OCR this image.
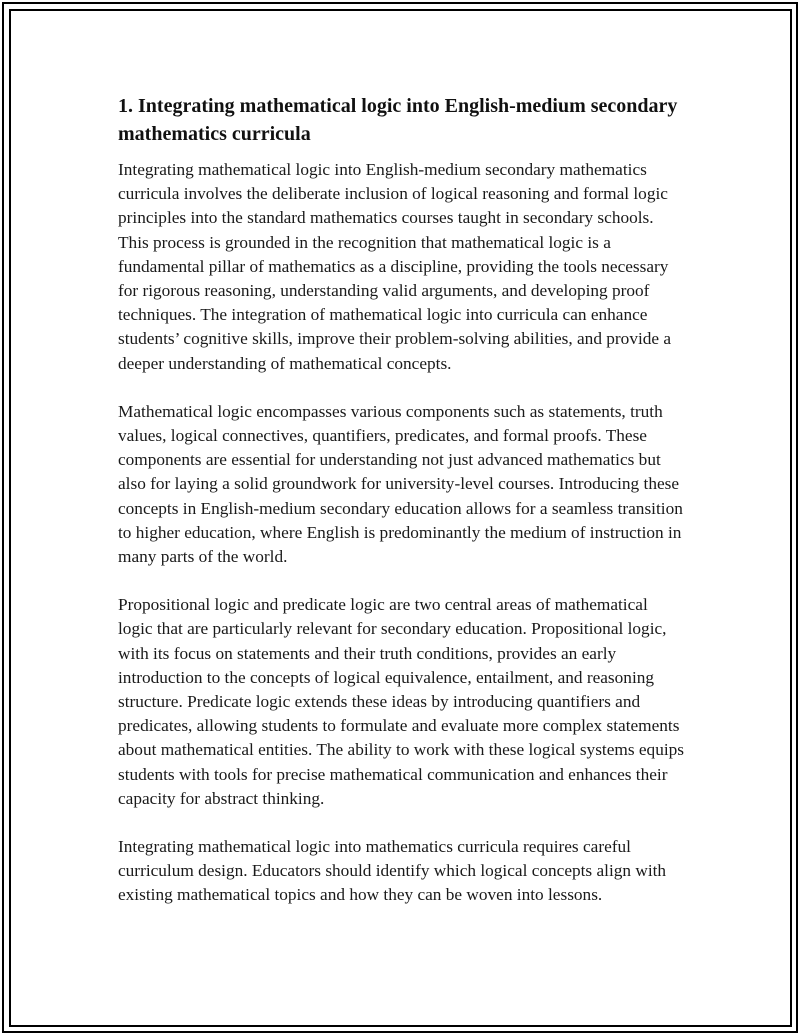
1. Integrating mathematical logic into English-medium secondary mathematics curricula

Integrating mathematical logic into English-medium secondary mathematics curricula involves the deliberate inclusion of logical reasoning and formal logic principles into the standard mathematics courses taught in secondary schools. This process is grounded in the recognition that mathematical logic is a fundamental pillar of mathematics as a discipline, providing the tools necessary for rigorous reasoning, understanding valid arguments, and developing proof techniques. The integration of mathematical logic into curricula can enhance students’ cognitive skills, improve their problem-solving abilities, and provide a deeper understanding of mathematical concepts.

Mathematical logic encompasses various components such as statements, truth values, logical connectives, quantifiers, predicates, and formal proofs. These components are essential for understanding not just advanced mathematics but also for laying a solid groundwork for university-level courses. Introducing these concepts in English-medium secondary education allows for a seamless transition to higher education, where English is predominantly the medium of instruction in many parts of the world.

Propositional logic and predicate logic are two central areas of mathematical logic that are particularly relevant for secondary education. Propositional logic, with its focus on statements and their truth conditions, provides an early introduction to the concepts of logical equivalence, entailment, and reasoning structure. Predicate logic extends these ideas by introducing quantifiers and predicates, allowing students to formulate and evaluate more complex statements about mathematical entities. The ability to work with these logical systems equips students with tools for precise mathematical communication and enhances their capacity for abstract thinking.

Integrating mathematical logic into mathematics curricula requires careful curriculum design. Educators should identify which logical concepts align with existing mathematical topics and how they can be woven into lessons.
